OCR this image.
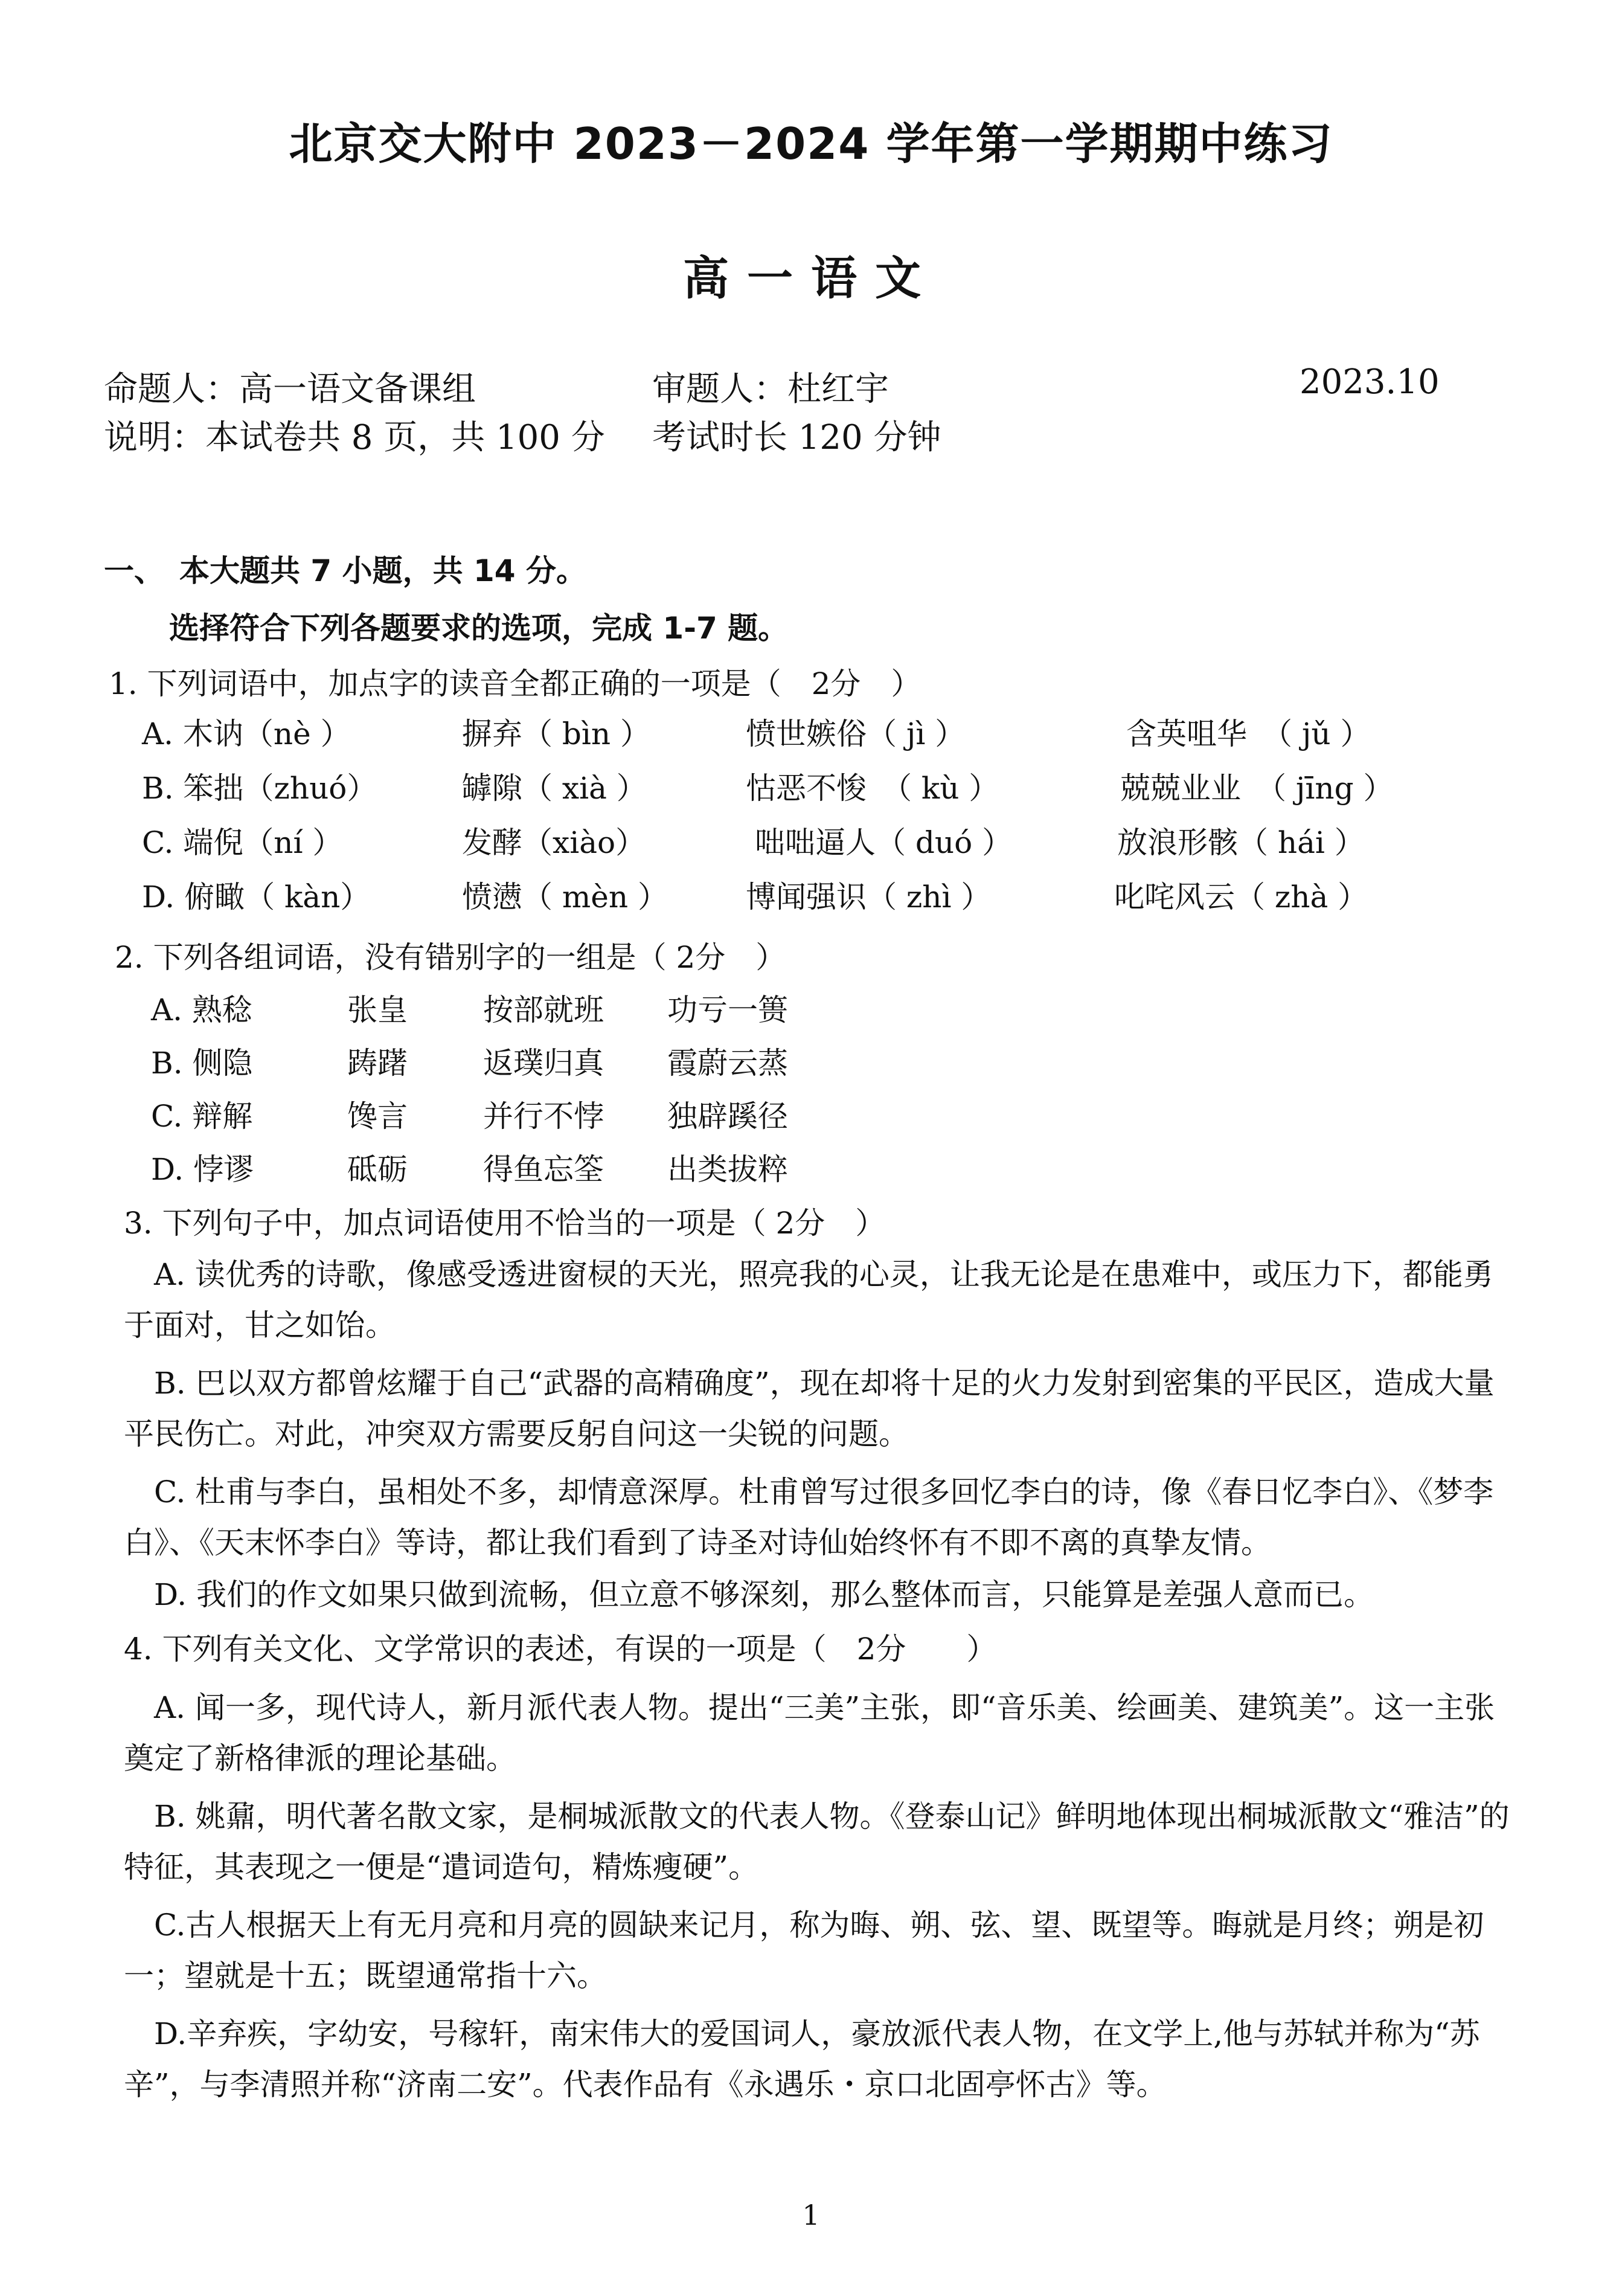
北京交大附中 2023－2024 学年第一学期期中练习
高一语文
命题人：高一语文备课组	审题人：杜红宇	2023.10
说明：本试卷共 8 页，共 100 分 考试时长 120 分钟
一、　本大题共 7 小题，共 14 分。
选择符合下列各题要求的选项，完成 1-7 题。
1. 下列词语中，加点字的读音全都正确的一项是（　2分　）
A. 木讷（nè ）	摒弃（ bìn ）	愤世嫉俗（ jì ）	含英咀华　（ jǔ ）
B. 笨拙（zhuó）	罅隙（ xià ）	怙恶不悛　（ kù ）	兢兢业业　（ jīng ）
C. 端倪（ní ）	发酵（xiào）	咄咄逼人（ duó ）	放浪形骸（ hái ）
D. 俯瞰（ kàn）	愤懑（ mèn ）	博闻强识（ zhì ）	叱咤风云（ zhà ）
2. 下列各组词语，没有错别字的一组是（ 2分　）
A. 熟稔	张皇	按部就班 功亏一篑
B. 侧隐	踌躇	返璞归真 霞蔚云蒸
C. 辩解	馋言	并行不悖 独辟蹊径
D. 悖谬	砥砺	得鱼忘筌 出类拔粹
3. 下列句子中，加点词语使用不恰当的一项是（ 2分　）
A. 读优秀的诗歌，像感受透进窗棂的天光，照亮我的心灵，让我无论是在患难中，或压力下，都能勇于面对，甘之如饴。
B. 巴以双方都曾炫耀于自己“武器的高精确度”，现在却将十足的火力发射到密集的平民区，造成大量平民伤亡。对此，冲突双方需要反躬自问这一尖锐的问题。
C. 杜甫与李白，虽相处不多，却情意深厚。杜甫曾写过很多回忆李白的诗，像《春日忆李白》、《梦李白》、《天末怀李白》等诗，都让我们看到了诗圣对诗仙始终怀有不即不离的真挚友情。
D. 我们的作文如果只做到流畅，但立意不够深刻，那么整体而言，只能算是差强人意而已。
4. 下列有关文化、文学常识的表述，有误的一项是（　2分　　）
A. 闻一多，现代诗人，新月派代表人物。提出“三美”主张，即“音乐美、绘画美、建筑美”。这一主张奠定了新格律派的理论基础。
B. 姚鼐，明代著名散文家，是桐城派散文的代表人物。《登泰山记》鲜明地体现出桐城派散文“雅洁”的特征，其表现之一便是“遣词造句，精炼瘦硬”。
C.古人根据天上有无月亮和月亮的圆缺来记月，称为晦、朔、弦、望、既望等。晦就是月终；朔是初一；望就是十五；既望通常指十六。
D.辛弃疾，字幼安，号稼轩，南宋伟大的爱国词人，豪放派代表人物，在文学上,他与苏轼并称为“苏辛”，与李清照并称“济南二安”。代表作品有《永遇乐・京口北固亭怀古》等。
1
